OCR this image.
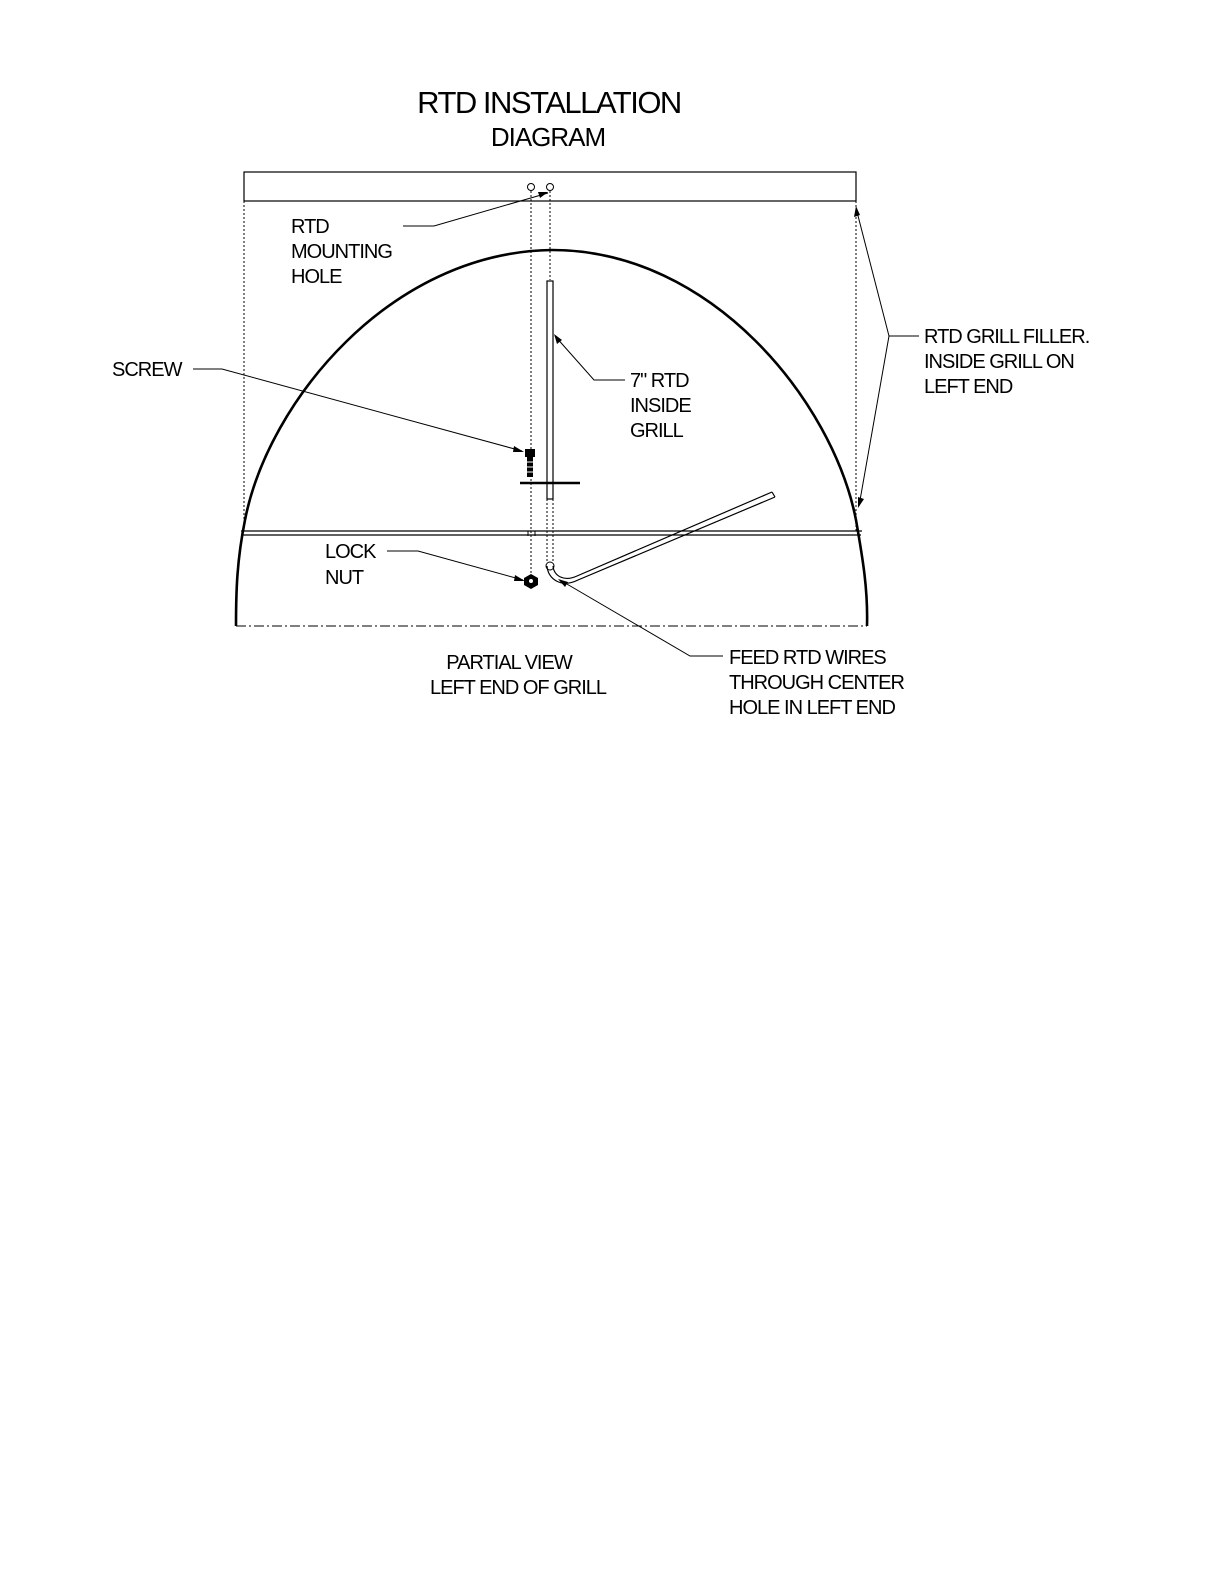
RTD INSTALLATION
DIAGRAM
RTD
MOUNTING
HOLE
SCREW	7" RTD
INSIDE
GRILL
RTD GRILL FILLER.
INSIDE GRILL ON
LEFT END
LOCK
NUT
PARTIAL VIEW
LEFT END OF GRILL
FEED RTD WIRES
THROUGH CENTER
HOLE IN LEFT END
